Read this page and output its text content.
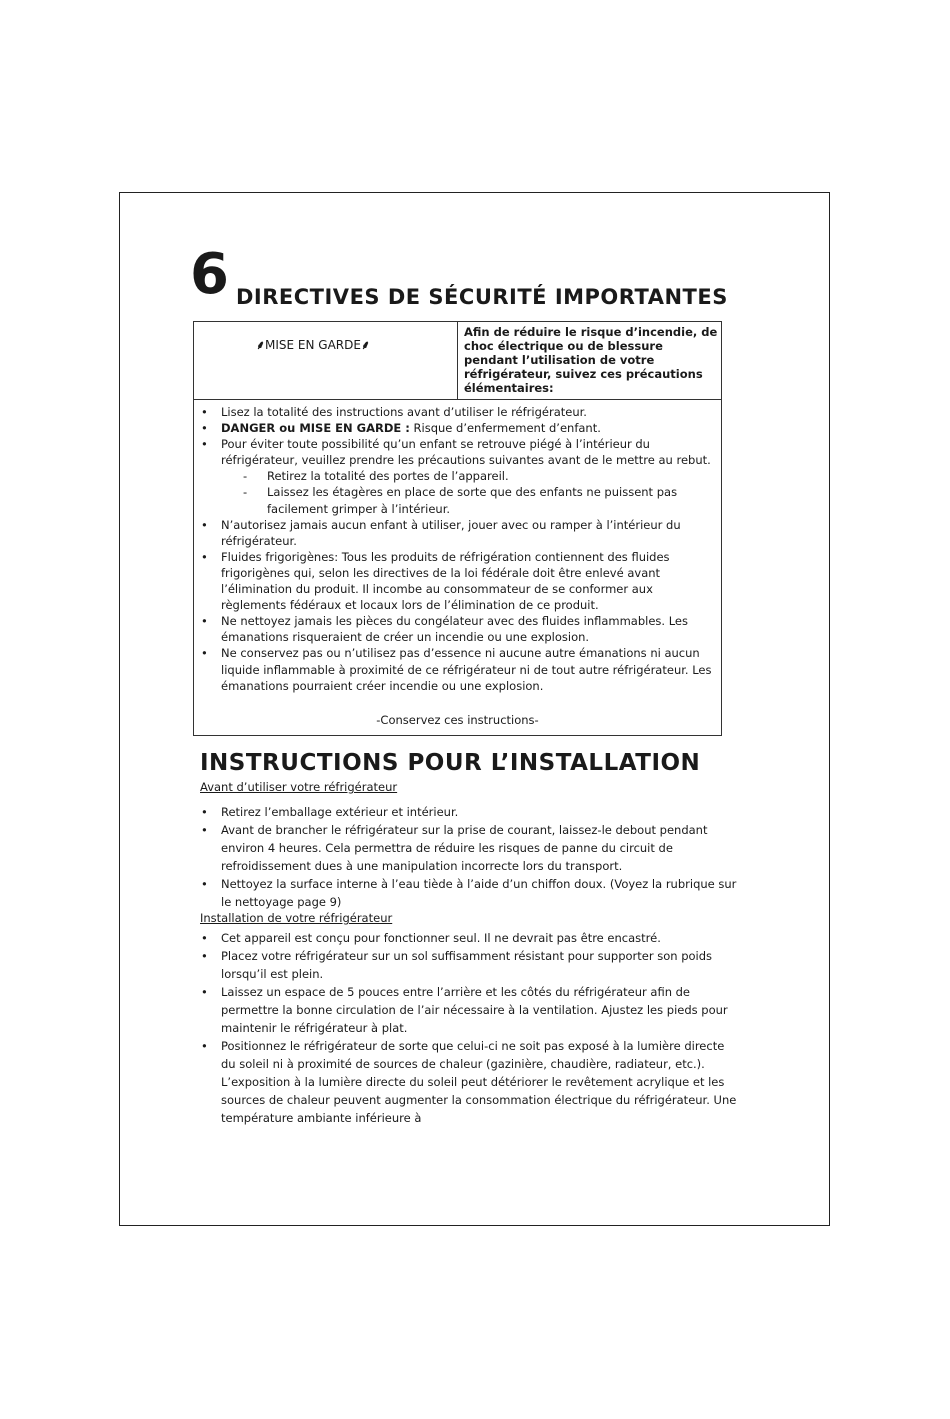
6 DIRECTIVES DE SÉCURITÉ IMPORTANTES
⸙MISE EN GARDE⸙
Afin de réduire le risque d’incendie, de choc électrique ou de blessure pendant l’utilisation de votre réfrigérateur, suivez ces précautions élémentaires:
• Lisez la totalité des instructions avant d’utiliser le réfrigérateur.
• DANGER ou MISE EN GARDE : Risque d’enfermement d’enfant.
• Pour éviter toute possibilité qu’un enfant se retrouve piégé à l’intérieur du réfrigérateur, veuillez prendre les précautions suivantes avant de le mettre au rebut.
- Retirez la totalité des portes de l’appareil.
- Laissez les étagères en place de sorte que des enfants ne puissent pas facilement grimper à l’intérieur.
• N’autorisez jamais aucun enfant à utiliser, jouer avec ou ramper à l’intérieur du réfrigérateur.
• Fluides frigorigènes: Tous les produits de réfrigération contiennent des fluides frigorigènes qui, selon les directives de la loi fédérale doit être enlevé avant l’élimination du produit. Il incombe au consommateur de se conformer aux règlements fédéraux et locaux lors de l’élimination de ce produit.
• Ne nettoyez jamais les pièces du congélateur avec des fluides inflammables. Les émanations risqueraient de créer un incendie ou une explosion.
• Ne conservez pas ou n’utilisez pas d’essence ni aucune autre émanations ni aucun liquide inflammable à proximité de ce réfrigérateur ni de tout autre réfrigérateur. Les émanations pourraient créer incendie ou une explosion.
-Conservez ces instructions-
INSTRUCTIONS POUR L’INSTALLATION
Avant d’utiliser votre réfrigérateur
• Retirez l’emballage extérieur et intérieur.
• Avant de brancher le réfrigérateur sur la prise de courant, laissez-le debout pendant environ 4 heures. Cela permettra de réduire les risques de panne du circuit de refroidissement dues à une manipulation incorrecte lors du transport.
• Nettoyez la surface interne à l’eau tiède à l’aide d’un chiffon doux. (Voyez la rubrique sur le nettoyage page 9)
Installation de votre réfrigérateur
• Cet appareil est conçu pour fonctionner seul. Il ne devrait pas être encastré.
• Placez votre réfrigérateur sur un sol suffisamment résistant pour supporter son poids lorsqu’il est plein.
• Laissez un espace de 5 pouces entre l’arrière et les côtés du réfrigérateur afin de permettre la bonne circulation de l’air nécessaire à la ventilation. Ajustez les pieds pour maintenir le réfrigérateur à plat.
• Positionnez le réfrigérateur de sorte que celui-ci ne soit pas exposé à la lumière directe du soleil ni à proximité de sources de chaleur (gazinière, chaudière, radiateur, etc.). L’exposition à la lumière directe du soleil peut détériorer le revêtement acrylique et les sources de chaleur peuvent augmenter la consommation électrique du réfrigérateur. Une température ambiante inférieure à
